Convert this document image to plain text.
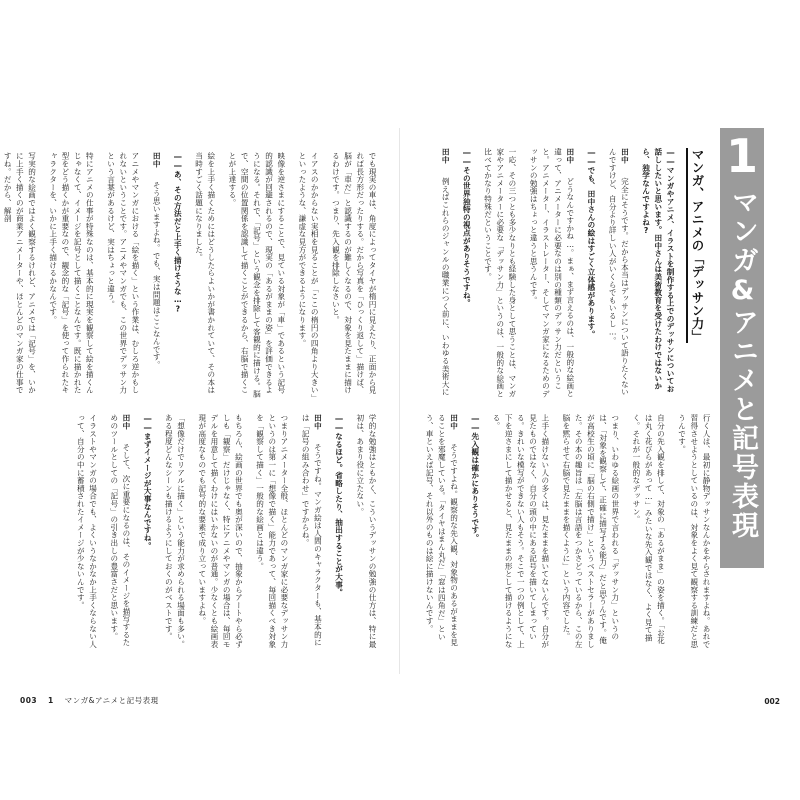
でも現実の車は、角度によってタイヤが楕円に見えたり、正面から見れば長方形だったりする。だから写真を「ひっくり返して」描けば、脳が「車だ」と認識するのが難しくなるので、対象を見たままに描けるわけです。つまり、先入観を排除しなさいと。
イアスのかからない実相を見ることが「ここの楕円の四角より大きい」といったような、謙虚な見方ができるようになります。
映像を逆さまにすることで、見ている対象が「車」であるという記号的認識が回避されるので、現実の「あるがままの姿」を評価できるようになる。それで、「記号」という観念を排除して客観的に描ける。脳で、空間の位置関係を認識して描くことができるから、右脳で描くことが上達する。
絵を上手く描くためにはどうしたらよいかが書かれていて、その本は当時すごく話題になりました。
――あ、その方法だと上手く描けそうな…?
田中　そう思いますよね。でも、実は問題はここなんです。
アニメやマンガにおける「絵を描く」という作業は、むしろ逆かもしれないということです。アニメやマンガでも、この世界でデッサン力という言葉があるけど、実はちょっと違う。
特にアニメの仕事が特殊なのは、基本的に現実を観察して絵を描くんじゃなくて、イメージを記号として描くことなんです。既に描かれた型をどう描くかが重要なので、観念的な「記号」を使って作られたキャラクターを、いかに上手く描けるかなんです。
写実的な絵画ではよく観察するけれど、アニメでは「記号」を、いかに上手く描くのが商業アニメーターや、ほとんどのマンガ家の仕事ですね。だから、解剖
学的な勉強はともかく、こういうデッサンの勉強の仕方は、特に最初は、あまり役に立たない。
――なるほど。省略したり、抽出することが大事。
田中　そうですね。マンガ絵は人間のキャラクターも、基本的には「記号の組み合わせ」ですからね。
つまりアニメーター全般、ほとんどのマンガ家に必要なデッサン力というのは第一に「想像で描く」能力であって、毎回描くべき対象を「観察して描く」一般的な絵画とは違う。
もちろん、絵画の世界でも奥が深いので、抽象からアートやら必ずしも「観察」だけじゃなく、特にアニメやマンガの場合は、毎回モデルを用意して描くわけにはいかないのが普通。少なくとも絵画表現が高度なものでも記号的な要素で成り立っていますよね。
「想像だけでリアルに描く」という能力が求められる場面も多い。ある程度どんなシーンも描けるようにしておくのがベストです。
――まずイメージが大事なんですね。
田中　そして、次に重要になるのは、そのイメージを描写するためのツールとしての「記号」の引き出しの豊富さだと思います。
イラストやマンガの場合でも、よくいうなかなか上手くならない人って、自分の中に蓄積されたイメージが少ないんです。
003 1 マンガ&アニメと記号表現
1
マンガ&アニメと記号表現
マンガ、アニメの「デッサン力」
――マンガやアニメ、イラストを制作する上でのデッサンについてお話ししたいと思います。田中さんは美術教育を受けたわけではないから、独学なんですよね?
田中　完全にそうです。だから本当はデッサンについて語りたくないんですけど、自分より詳しい人がいくらでもいるし…。
――でも、田中さんの絵はすごく立体感があります。
田中　どうなんですかね…。まぁ、まず言えるのは、一般的な絵画と違って、アニメーターに必要なのは別の種類のデッサン力だということ。アニメーター、イラストレーター、そしてマンガ家になるためのデッサンの勉強はちょっと違うと思うんです。
一応、その三つとも多少なりとも経験した身として思うことは、マンガ家やアニメーターに必要な「デッサン力」というのは、一般的な絵画と比べてかなり特殊だということです。
――その世界独特の視点がありそうですね。
田中　例えばこれらのジャンルの職業につく前に、いわゆる美術大に
行く人は、最初に静物デッサンなんかをやらされますよね。あれで習得させようとしているのは、対象をよく見て観察する訓練だと思うんです。
自分の先入観を排して、対象の「あるがまま」の姿を描く。「お花は丸く花びらがあって…」みたいな先入観ではなく、よく見て描く。それが一般的なデッサン。
つまり、いわゆる絵画の世界で言われる「デッサン力」というのは、「対象を観察して、正確に描写する能力」だと思うんです。俺が高校生の頃に「脳の右側で描け」というベストセラーがありました。その本の趣旨は「左脳は言語をつかさどっているから、この左脳を黙らせて右脳で見たままを描くように」という内容でした。
上手く描けない人の多くは、見たままを描いてないんです。自分が見たものではなく、自分の頭の中にある記号を描いてしまっている。きれいな模写ができない人もそう。そこで一つの例として、上下を逆さまにして描かせると、見たままの形として描けるようになる。
――先入観は確かにありそうです。
田中　そうですよね。観察的な先入観、対象物のあるがままを見ることを邪魔している。「タイヤはまん丸だ」「窓は四角だ」という、車といえば記号、それ以外のものは絵に描けないんです。
002
